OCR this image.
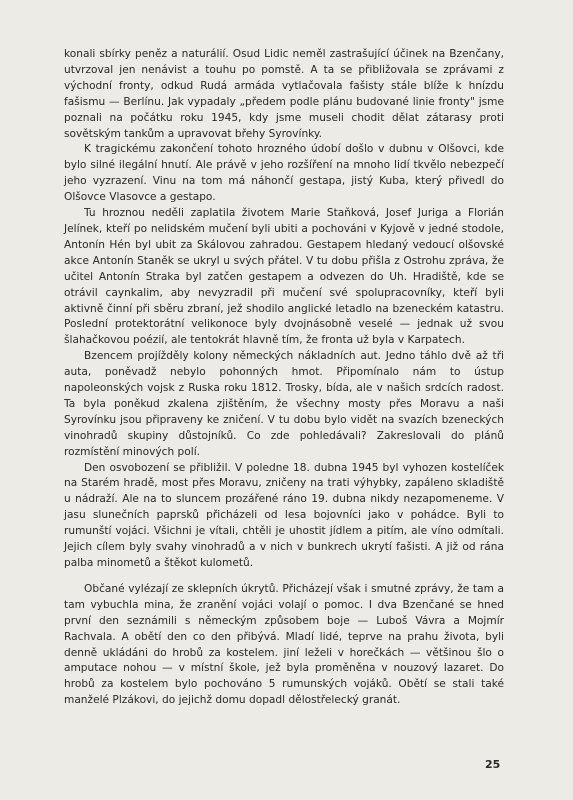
konali sbírky peněz a naturálií. Osud Lidic neměl zastrašující účinek na Bzenčany, utvrzoval jen nenávist a touhu po pomstě. A ta se přibližovala se zprávami z východní fronty, odkud Rudá armáda vytlačovala fašisty stále blíže k hnízdu fašismu — Berlínu. Jak vypadaly „předem podle plánu budované linie fronty" jsme poznali na počátku roku 1945, kdy jsme museli chodit dělat zátarasy proti sovětským tankům a upravovat břehy Syrovínky.

K tragickému zakončení tohoto hrozného údobí došlo v dubnu v Olšovci, kde bylo silné ilegální hnutí. Ale právě v jeho rozšíření na mnoho lidí tkvělo nebezpečí jeho vyzrazení. Vinu na tom má náhončí gestapa, jistý Kuba, který přivedl do Olšovce Vlasovce a gestapo.

Tu hroznou neděli zaplatila životem Marie Staňková, Josef Juriga a Florián Jelínek, kteří po nelidském mučení byli ubiti a pochováni v Kyjově v jedné stodole, Antonín Hén byl ubit za Skálovou zahradou. Gestapem hledaný vedoucí olšovské akce Antonín Staněk se ukryl u svých přátel. V tu dobu přišla z Ostrohu zpráva, že učitel Antonín Straka byl zatčen gestapem a odvezen do Uh. Hradiště, kde se otrávil caynkalim, aby nevyzradil při mučení své spolupracovníky, kteří byli aktivně činní při sběru zbraní, jež shodilo anglické letadlo na bzeneckém katastru. Poslední protektorátní velikonoce byly dvojnásobně veselé — jednak už svou šlahačkovou poézií, ale tentokrát hlavně tím, že fronta už byla v Karpatech.

Bzencem projížděly kolony německých nákladních aut. Jedno táhlo dvě až tři auta, poněvadž nebylo pohonných hmot. Připomínalo nám to ústup napoleonských vojsk z Ruska roku 1812. Trosky, bída, ale v našich srdcích radost. Ta byla poněkud zkalena zjištěním, že všechny mosty přes Moravu a naši Syrovínku jsou připraveny ke zničení. V tu dobu bylo vidět na svazích bzeneckých vinohradů skupiny důstojníků. Co zde pohledávali? Zakreslovali do plánů rozmístění minových polí.

Den osvobození se přibližil. V poledne 18. dubna 1945 byl vyhozen kostelíček na Starém hradě, most přes Moravu, zničeny na trati výhybky, zapáleno skladiště u nádraží. Ale na to sluncem prozářené ráno 19. dubna nikdy nezapomeneme. V jasu slunečních paprsků přicházeli od lesa bojovníci jako v pohádce. Byli to rumunští vojáci. Všichni je vítali, chtěli je uhostit jídlem a pitím, ale víno odmítali. Jejich cílem byly svahy vinohradů a v nich v bunkrech ukrytí fašisti. A již od rána palba minometů a štěkot kulometů.

Občané vylézají ze sklepních úkrytů. Přicházejí však i smutné zprávy, že tam a tam vybuchla mina, že zranění vojáci volají o pomoc. I dva Bzenčané se hned první den seznámili s německým způsobem boje — Luboš Vávra a Mojmír Rachvala. A obětí den co den přibývá. Mladí lidé, teprve na prahu života, byli denně ukládáni do hrobů za kostelem. jiní leželi v horečkách — většinou šlo o amputace nohou — v místní škole, jež byla proměněna v nouzový lazaret. Do hrobů za kostelem bylo pochováno 5 rumunských vojáků. Obětí se stali také manželé Plzákovi, do jejichž domu dopadl dělostřelecký granát.

25
